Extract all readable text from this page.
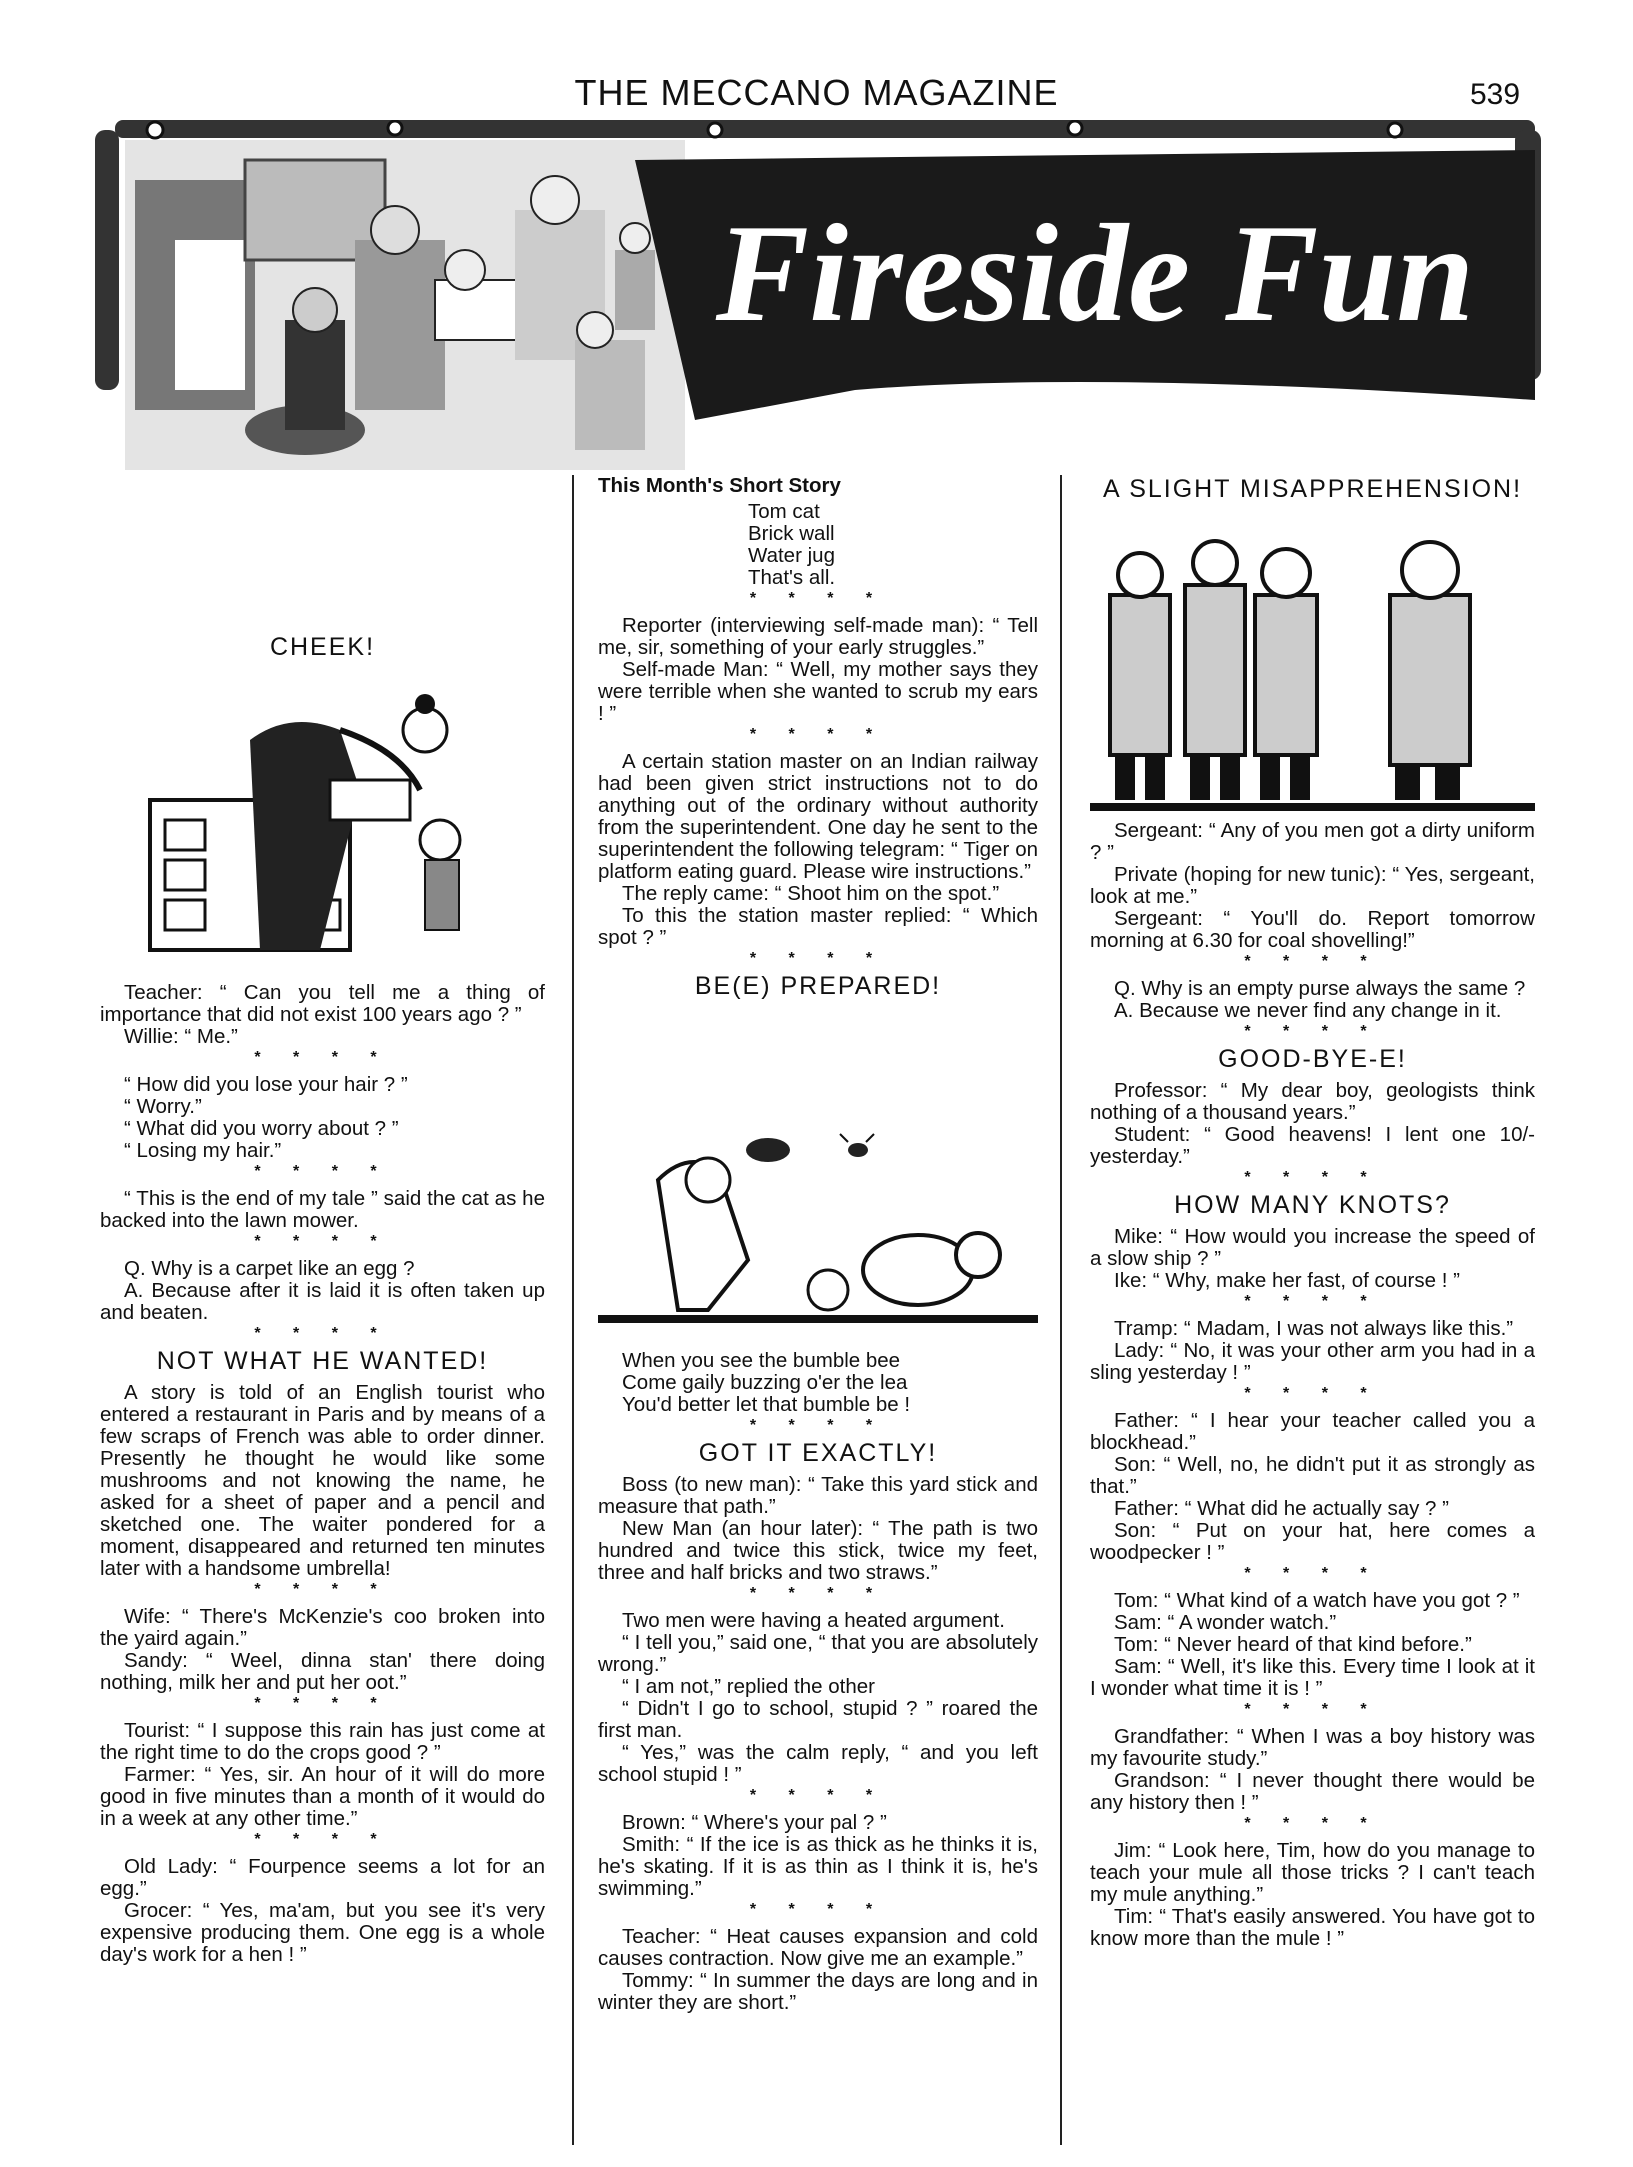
THE MECCANO MAGAZINE	539
Fireside Fun
CHEEK!

Teacher: “ Can you tell me a thing of importance that did not exist 100 years ago ? ”

Willie: “ Me.”

* * * *

“ How did you lose your hair ? ”

“ Worry.”

“ What did you worry about ? ”

“ Losing my hair.”

* * * *

“ This is the end of my tale ” said the cat as he backed into the lawn mower.

* * * *

Q. Why is a carpet like an egg ?

A. Because after it is laid it is often taken up and beaten.

* * * *
NOT WHAT HE WANTED!

A story is told of an English tourist who entered a restaurant in Paris and by means of a few scraps of French was able to order dinner. Presently he thought he would like some mushrooms and not knowing the name, he asked for a sheet of paper and a pencil and sketched one. The waiter pondered for a moment, disappeared and returned ten minutes later with a handsome umbrella!

* * * *

Wife: “ There's McKenzie's coo broken into the yaird again.”

Sandy: “ Weel, dinna stan' there doing nothing, milk her and put her oot.”

* * * *

Tourist: “ I suppose this rain has just come at the right time to do the crops good ? ”

Farmer: “ Yes, sir. An hour of it will do more good in five minutes than a month of it would do in a week at any other time.”

* * * *

Old Lady: “ Fourpence seems a lot for an egg.”

Grocer: “ Yes, ma'am, but you see it's very expensive producing them. One egg is a whole day's work for a hen ! ”

This Month's Short Story

Tom cat

Brick wall

Water jug

That's all.

* * * *

Reporter (interviewing self-made man): “ Tell me, sir, something of your early struggles.”

Self-made Man: “ Well, my mother says they were terrible when she wanted to scrub my ears ! ”

* * * *

A certain station master on an Indian railway had been given strict instructions not to do anything out of the ordinary without authority from the superintendent. One day he sent to the superintendent the following telegram: “ Tiger on platform eating guard. Please wire instructions.”

The reply came: “ Shoot him on the spot.”

To this the station master replied: “ Which spot ? ”

* * * *
BE(E) PREPARED!

When you see the bumble bee

Come gaily buzzing o'er the lea

You'd better let that bumble be !

* * * *
GOT IT EXACTLY!

Boss (to new man): “ Take this yard stick and measure that path.”

New Man (an hour later): “ The path is two hundred and twice this stick, twice my feet, three and half bricks and two straws.”

* * * *

Two men were having a heated argument.

“ I tell you,” said one, “ that you are absolutely wrong.”

“ I am not,” replied the other

“ Didn't I go to school, stupid ? ” roared the first man.

“ Yes,” was the calm reply, “ and you left school stupid ! ”

* * * *

Brown: “ Where's your pal ? ”

Smith: “ If the ice is as thick as he thinks it is, he's skating. If it is as thin as I think it is, he's swimming.”

* * * *

Teacher: “ Heat causes expansion and cold causes contraction. Now give me an example.”

Tommy: “ In summer the days are long and in winter they are short.”

A SLIGHT MISAPPREHENSION!

Sergeant: “ Any of you men got a dirty uniform ? ”

Private (hoping for new tunic): “ Yes, sergeant, look at me.”

Sergeant: “ You'll do. Report tomorrow morning at 6.30 for coal shovelling!”

* * * *

Q. Why is an empty purse always the same ?

A. Because we never find any change in it.

* * * *
GOOD-BYE-E!

Professor: “ My dear boy, geologists think nothing of a thousand years.”

Student: “ Good heavens! I lent one 10/- yesterday.”

* * * *
HOW MANY KNOTS?

Mike: “ How would you increase the speed of a slow ship ? ”

Ike: “ Why, make her fast, of course ! ”

* * * *

Tramp: “ Madam, I was not always like this.”

Lady: “ No, it was your other arm you had in a sling yesterday ! ”

* * * *

Father: “ I hear your teacher called you a blockhead.”

Son: “ Well, no, he didn't put it as strongly as that.”

Father: “ What did he actually say ? ”

Son: “ Put on your hat, here comes a woodpecker ! ”

* * * *

Tom: “ What kind of a watch have you got ? ”

Sam: “ A wonder watch.”

Tom: “ Never heard of that kind before.”

Sam: “ Well, it's like this. Every time I look at it I wonder what time it is ! ”

* * * *

Grandfather: “ When I was a boy history was my favourite study.”

Grandson: “ I never thought there would be any history then ! ”

* * * *

Jim: “ Look here, Tim, how do you manage to teach your mule all those tricks ? I can't teach my mule anything.”

Tim: “ That's easily answered. You have got to know more than the mule ! ”
